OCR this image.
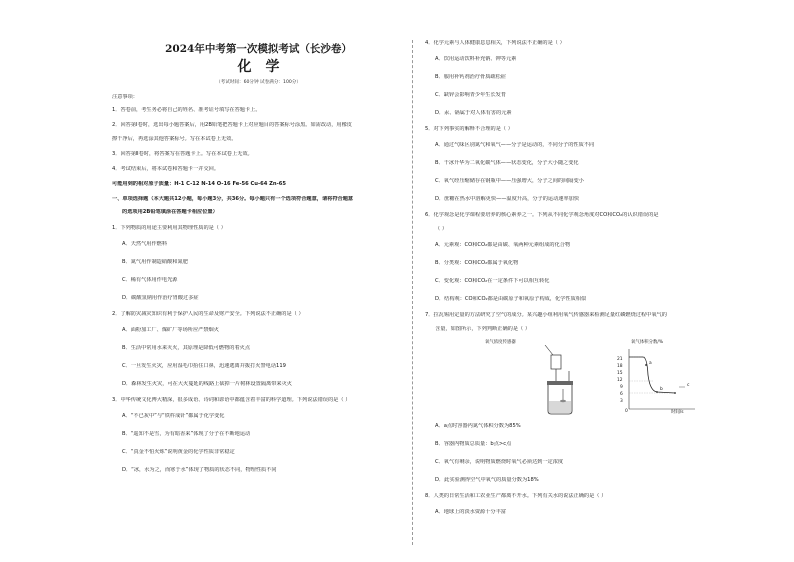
2024年中考第一次模拟考试（长沙卷）
化学
（考试时间：60分钟 试卷满分：100分）
注意事项：
1．答卷前，考生务必将自己的姓名、准考证号填写在答题卡上。
2．回答第Ⅰ卷时，选出每小题答案后，用2B铅笔把答题卡上对应题目的答案标号涂黑。如需改动，用橡皮
擦干净后，再选涂其他答案标号。写在本试卷上无效。
3．回答第Ⅱ卷时，将答案写在答题卡上。写在本试卷上无效。
4．考试结束后，将本试卷和答题卡一并交回。
可能用到的相对原子质量：H-1 C-12 N-14 O-16 Fe-56 Cu-64 Zn-65
一、单项选择题（本大题共12小题，每小题3分，共36分。每小题只有一个选项符合题意，请将符合题意
的选项用2B铅笔填涂在答题卡相应位置）
1．下列物质的用途主要利用其物理性质的是（ ）
A．天然气用作燃料
B．氮气用作制造硝酸和氮肥
C．稀有气体用作电光源
D．碳酸氢钠用作治疗胃酸过多症
2．了解防灾减灾知识有利于保护人民的生命及财产安全。下列说法不正确的是（ ）
A．面粉加工厂、煤矿厂等场所应严禁烟火
B．生活中常用水来灭火，其原理是降低可燃物的着火点
C．一旦发生火灾，应用湿毛巾捂住口鼻，迅速逃离并拨打火警电话119
D．森林发生火灾，可在大火蔓延的线路上砍掉一片树林设置隔离带来灭火
3．中华传统文化博大精深，很多成语、诗词和谚语中都蕴含着丰富的科学道理。下列说法错误的是（ ）
A．“不已灰中”与“铁杵成针”都属于化学变化
B．“遥知不是雪，为有暗香来”体现了分子在不断地运动
C．“真金不怕火炼”说明黄金的化学性质非常稳定
D．“冰，水为之，而寒于水”体现了物质的状态不同，物理性质不同
4．化学元素与人体健康息息相关，下列说法不正确的是（ ）
A．饮用运动饮料补充钠、钾等元素
B．服用补钙剂治疗骨质疏松症
C．缺锌会影响青少年生长发育
D．汞、镉属于对人体有害的元素
5．对下列事实的解释不合理的是（ ）
A．通过气味区别氮气和氧气——分子是运动的，不同分子的性质不同
B．干冰升华为二氧化碳气体——状态变化，分子大小随之变化
C．氧气经压缩储存在钢瓶中——压强增大，分子之间的间隔变小
D．蔗糖在热水中溶解更快——温度升高，分子的运动速率加快
6．化学观念是化学课程要培养的核心素养之一。下列从不同化学观念角度对CO和CO₂的认识错误的是
（ ）
A．元素观：CO和CO₂都是由碳、氧两种元素组成的化合物
B．分类观：CO和CO₂都属于氧化物
C．变化观：CO和CO₂在一定条件下可以相互转化
D．结构观：CO和CO₂都是由碳原子和氧原子构成，化学性质相似
7．拉瓦锡用定量的方法研究了空气的成分。某兴趣小组利用氧气传感器来检测足量红磷燃烧过程中氧气的
含量，如图所示，下列判断正确的是（ ）
氧气浓度传感器	氧气体积分数/%
21
18
15
12
9
6
3
0	时间/s
a
b
c
A．a点时容器内氮气体积分数为85%
B．容器内物质总质量：b点>c点
C．氧气有剩余，说明物质燃烧时氧气必须达到一定浓度
D．此实验测得空气中氧气的质量分数为18%
8．人类的日常生活和工农业生产都离不开水。下列有关水的说法正确的是（ ）
A．地球上的淡水资源十分丰富
